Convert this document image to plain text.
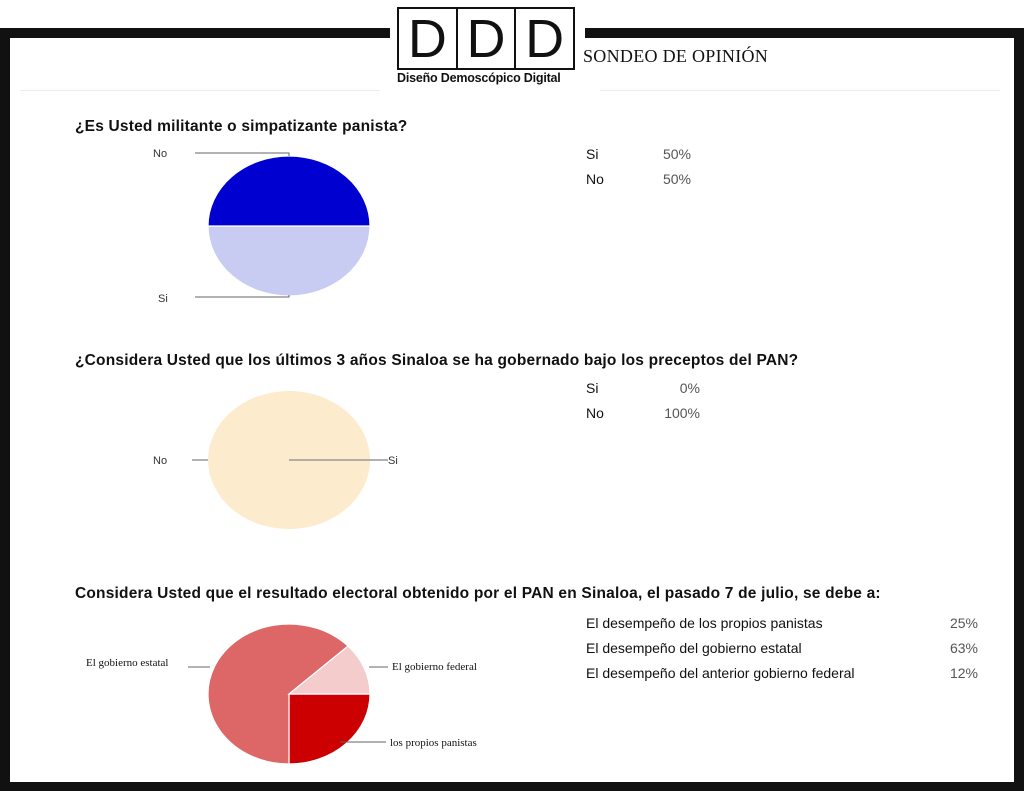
D D D
Diseño Demoscópico Digital
SONDEO DE OPINIÓN
¿Es Usted militante o simpatizante panista?
No
Si
Si	50%
No	50%
¿Considera Usted que los últimos 3 años Sinaloa se ha gobernado bajo los preceptos del PAN?
No	Si
Si	0%
No	100%
Considera Usted que el resultado electoral obtenido por el PAN en Sinaloa, el pasado 7 de julio, se debe a:
El gobierno estatal	El gobierno federal
los propios panistas
El desempeño de los propios panistas	25%
El desempeño del gobierno estatal	63%
El desempeño del anterior gobierno federal	12%
